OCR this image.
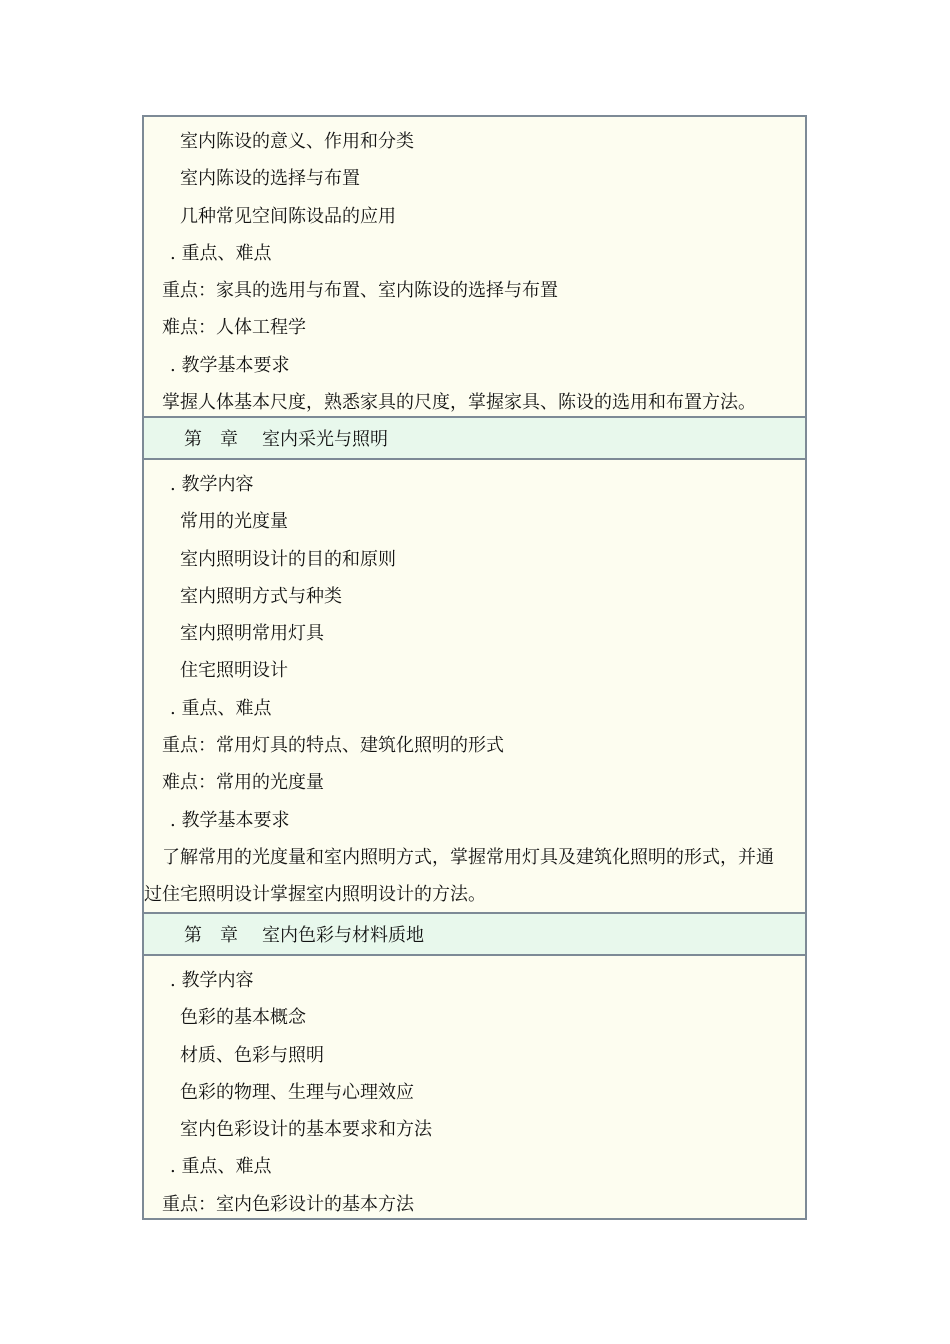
室内陈设的意义、作用和分类
室内陈设的选择与布置
几种常见空间陈设品的应用
. 重点、难点
重点：家具的选用与布置、室内陈设的选择与布置
难点：人体工程学
. 教学基本要求
掌握人体基本尺度，熟悉家具的尺度，掌握家具、陈设的选用和布置方法。
第	章	室内采光与照明
. 教学内容
常用的光度量
室内照明设计的目的和原则
室内照明方式与种类
室内照明常用灯具
住宅照明设计
. 重点、难点
重点：常用灯具的特点、建筑化照明的形式
难点：常用的光度量
. 教学基本要求
了解常用的光度量和室内照明方式，掌握常用灯具及建筑化照明的形式，并通
过住宅照明设计掌握室内照明设计的方法。
第	章	室内色彩与材料质地
. 教学内容
色彩的基本概念
材质、色彩与照明
色彩的物理、生理与心理效应
室内色彩设计的基本要求和方法
. 重点、难点
重点：室内色彩设计的基本方法
